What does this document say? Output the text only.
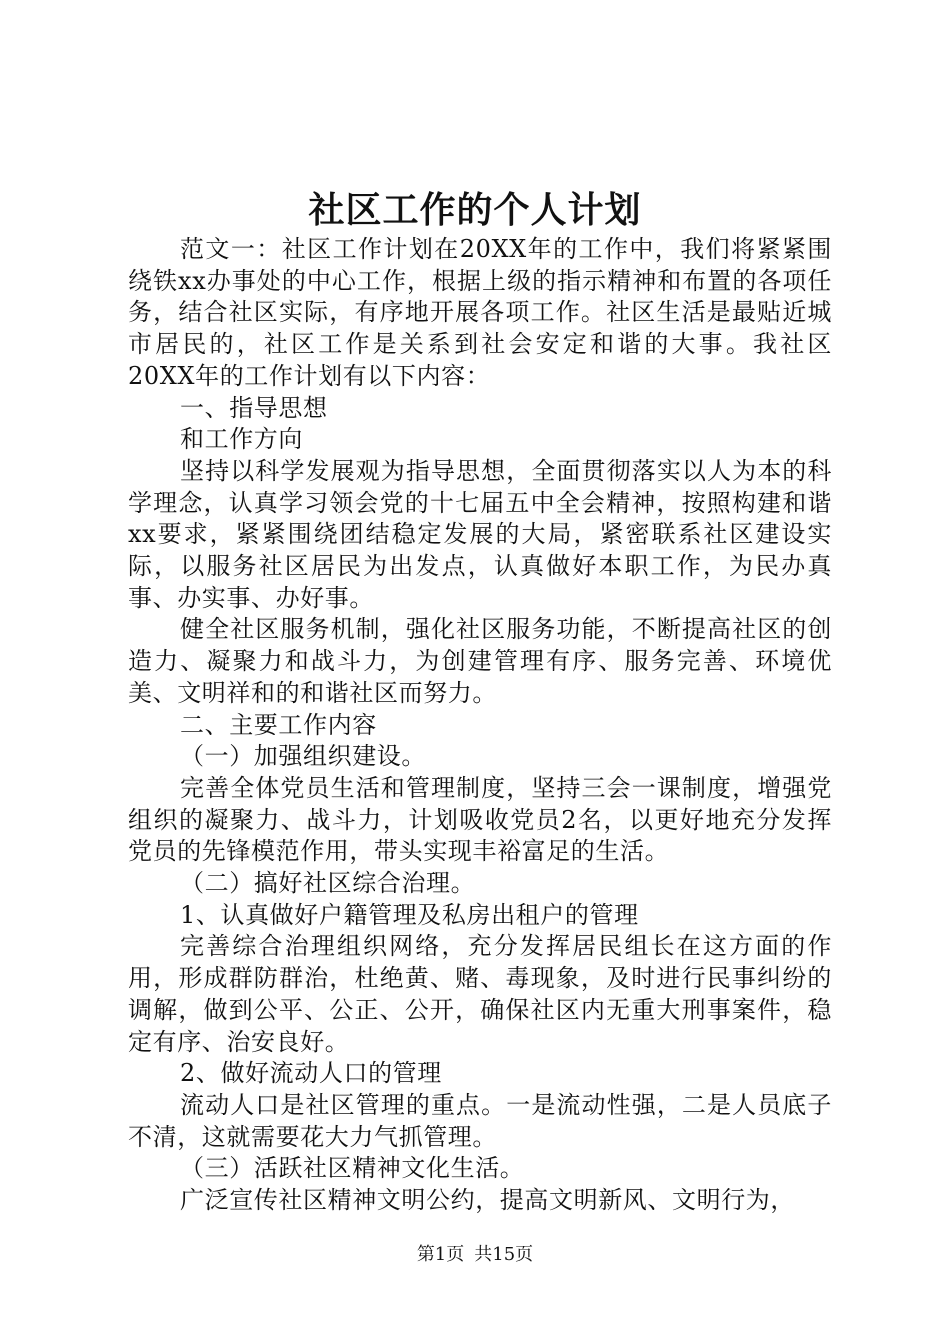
社区工作的个人计划

范文一：社区工作计划在20XX年的工作中，我们将紧紧围绕铁xx办事处的中心工作，根据上级的指示精神和布置的各项任务，结合社区实际，有序地开展各项工作。社区生活是最贴近城市居民的，社区工作是关系到社会安定和谐的大事。我社区20XX年的工作计划有以下内容：

一、指导思想

和工作方向

坚持以科学发展观为指导思想，全面贯彻落实以人为本的科学理念，认真学习领会党的十七届五中全会精神，按照构建和谐xx要求，紧紧围绕团结稳定发展的大局，紧密联系社区建设实际，以服务社区居民为出发点，认真做好本职工作，为民办真事、办实事、办好事。

健全社区服务机制，强化社区服务功能，不断提高社区的创造力、凝聚力和战斗力，为创建管理有序、服务完善、环境优美、文明祥和的和谐社区而努力。

二、主要工作内容

（一）加强组织建设。

完善全体党员生活和管理制度，坚持三会一课制度，增强党组织的凝聚力、战斗力，计划吸收党员2名，以更好地充分发挥党员的先锋模范作用，带头实现丰裕富足的生活。

（二）搞好社区综合治理。

1、认真做好户籍管理及私房出租户的管理

完善综合治理组织网络，充分发挥居民组长在这方面的作用，形成群防群治，杜绝黄、赌、毒现象，及时进行民事纠纷的调解，做到公平、公正、公开，确保社区内无重大刑事案件，稳定有序、治安良好。

2、做好流动人口的管理

流动人口是社区管理的重点。一是流动性强，二是人员底子不清，这就需要花大力气抓管理。

（三）活跃社区精神文化生活。

广泛宣传社区精神文明公约，提高文明新风、文明行为，

第1页 共15页
